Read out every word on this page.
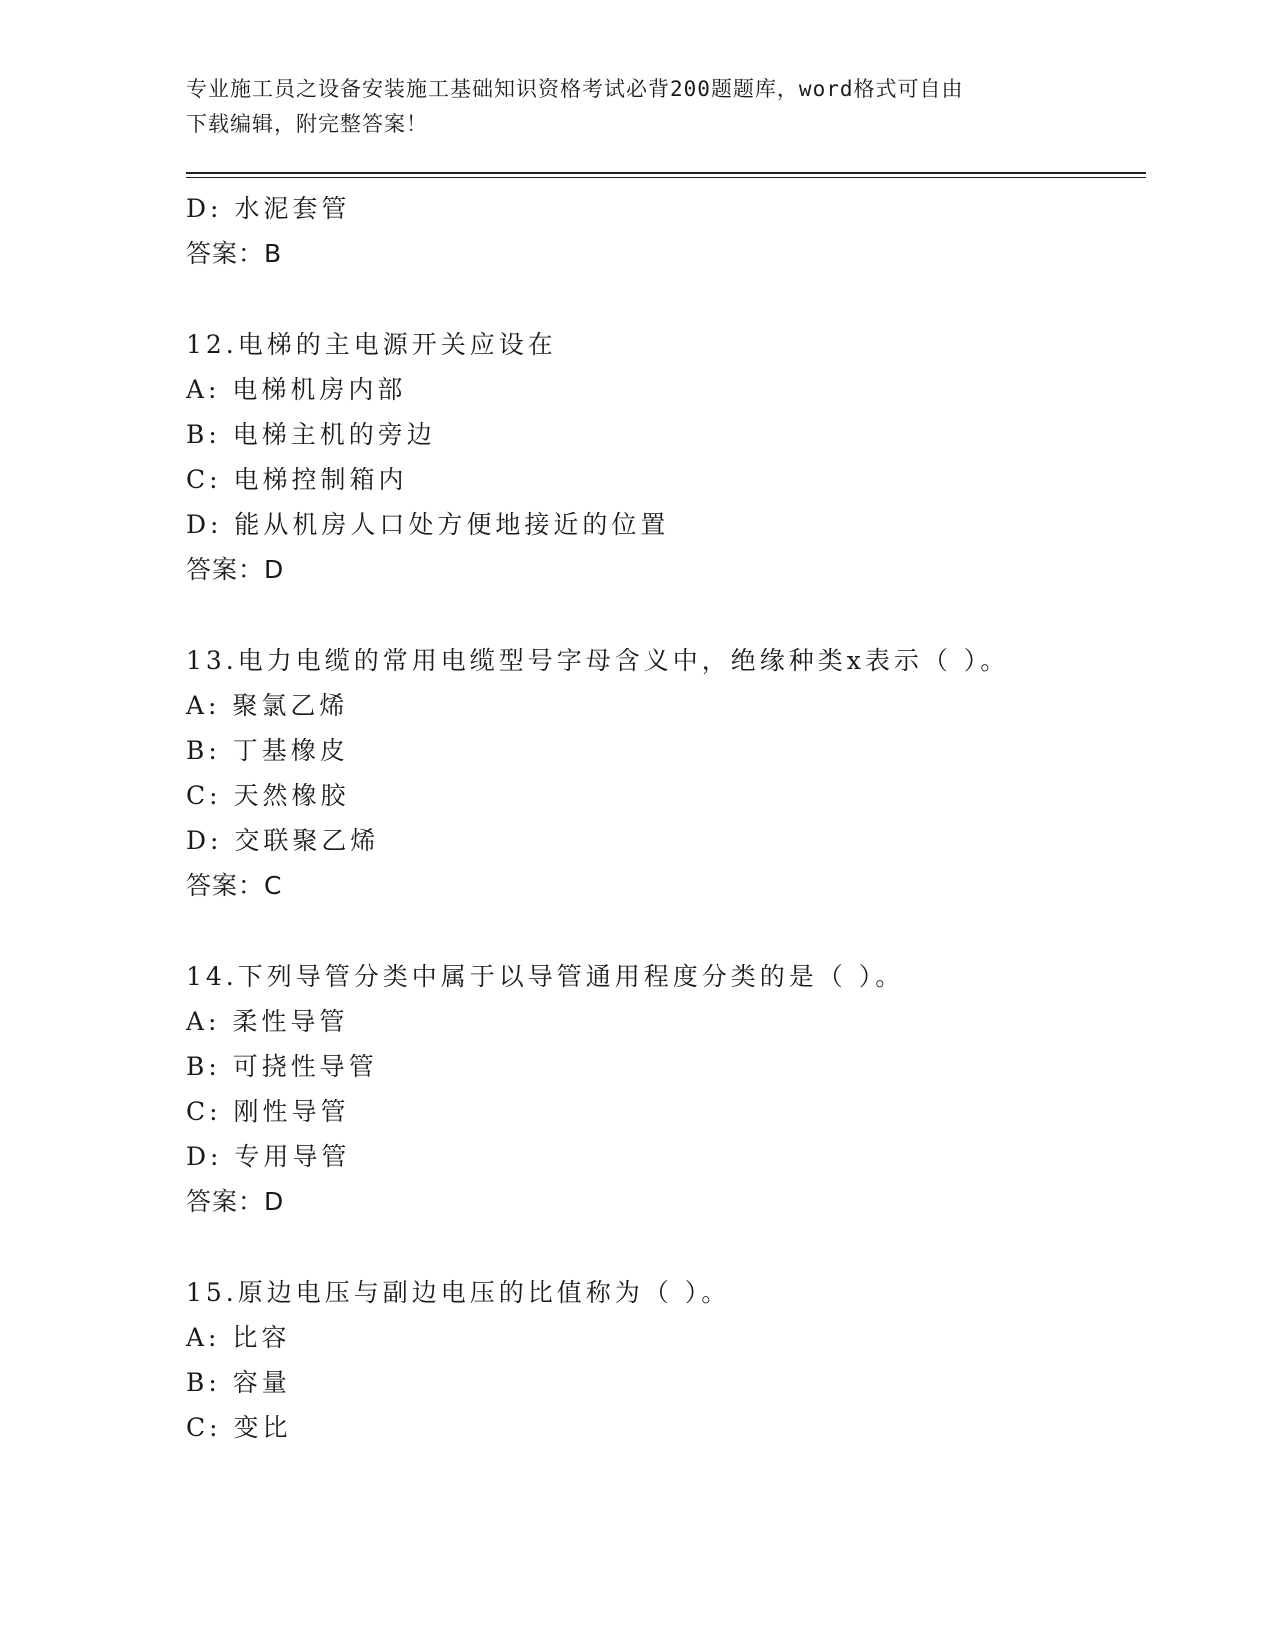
专业施工员之设备安装施工基础知识资格考试必背200题题库，word格式可自由
下载编辑，附完整答案！
D: 水泥套管
答案：B
12.电梯的主电源开关应设在
A: 电梯机房内部
B: 电梯主机的旁边
C: 电梯控制箱内
D: 能从机房人口处方便地接近的位置
答案：D
13.电力电缆的常用电缆型号字母含义中，绝缘种类x表示（ ）。
A: 聚氯乙烯
B: 丁基橡皮
C: 天然橡胶
D: 交联聚乙烯
答案：C
14.下列导管分类中属于以导管通用程度分类的是（ ）。
A: 柔性导管
B: 可挠性导管
C: 刚性导管
D: 专用导管
答案：D
15.原边电压与副边电压的比值称为（ ）。
A: 比容
B: 容量
C: 变比
